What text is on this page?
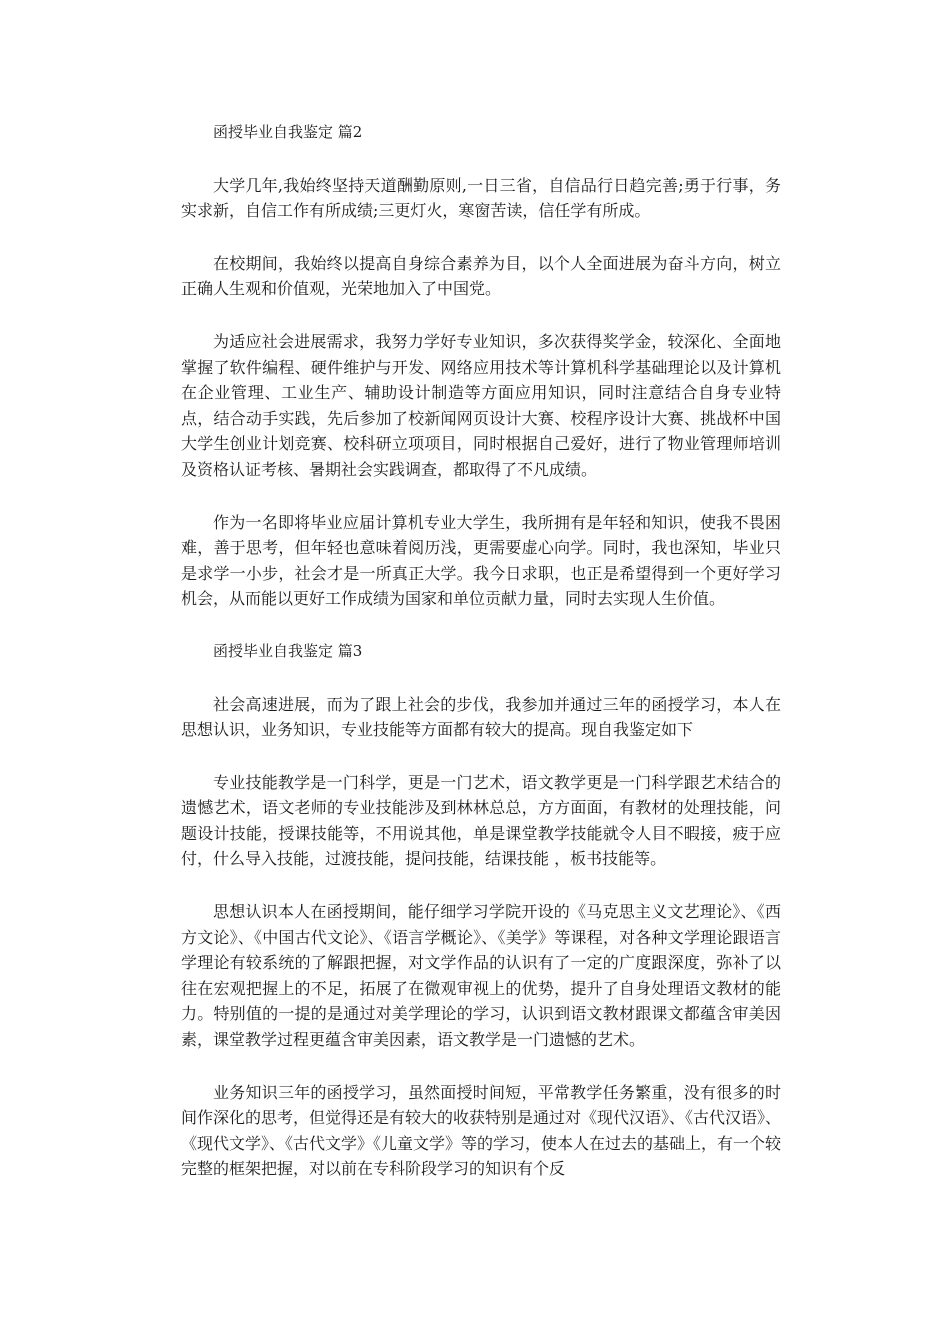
函授毕业自我鉴定 篇2

大学几年,我始终坚持天道酬勤原则,一日三省，自信品行日趋完善;勇于行事，务实求新，自信工作有所成绩;三更灯火，寒窗苦读，信任学有所成。

在校期间，我始终以提高自身综合素养为目，以个人全面进展为奋斗方向，树立正确人生观和价值观，光荣地加入了中国党。

为适应社会进展需求，我努力学好专业知识，多次获得奖学金，较深化、全面地掌握了软件编程、硬件维护与开发、网络应用技术等计算机科学基础理论以及计算机在企业管理、工业生产、辅助设计制造等方面应用知识，同时注意结合自身专业特点，结合动手实践，先后参加了校新闻网页设计大赛、校程序设计大赛、挑战杯中国大学生创业计划竞赛、校科研立项项目，同时根据自己爱好，进行了物业管理师培训及资格认证考核、暑期社会实践调查，都取得了不凡成绩。

作为一名即将毕业应届计算机专业大学生，我所拥有是年轻和知识，使我不畏困难，善于思考，但年轻也意味着阅历浅，更需要虚心向学。同时，我也深知，毕业只是求学一小步，社会才是一所真正大学。我今日求职，也正是希望得到一个更好学习机会，从而能以更好工作成绩为国家和单位贡献力量，同时去实现人生价值。

函授毕业自我鉴定 篇3

社会高速进展，而为了跟上社会的步伐，我参加并通过三年的函授学习，本人在思想认识，业务知识，专业技能等方面都有较大的提高。现自我鉴定如下

专业技能教学是一门科学，更是一门艺术，语文教学更是一门科学跟艺术结合的遗憾艺术，语文老师的专业技能涉及到林林总总，方方面面，有教材的处理技能，问题设计技能，授课技能等，不用说其他，单是课堂教学技能就令人目不暇接，疲于应付，什么导入技能，过渡技能，提问技能，结课技能 ，板书技能等。

思想认识本人在函授期间，能仔细学习学院开设的《马克思主义文艺理论》、《西方文论》、《中国古代文论》、《语言学概论》、《美学》等课程，对各种文学理论跟语言学理论有较系统的了解跟把握，对文学作品的认识有了一定的广度跟深度，弥补了以往在宏观把握上的不足，拓展了在微观审视上的优势，提升了自身处理语文教材的能力。特别值的一提的是通过对美学理论的学习，认识到语文教材跟课文都蕴含审美因素，课堂教学过程更蕴含审美因素，语文教学是一门遗憾的艺术。

业务知识三年的函授学习，虽然面授时间短，平常教学任务繁重，没有很多的时间作深化的思考，但觉得还是有较大的收获特别是通过对《现代汉语》、《古代汉语》、《现代文学》、《古代文学》《儿童文学》等的学习，使本人在过去的基础上，有一个较完整的框架把握，对以前在专科阶段学习的知识有个反
